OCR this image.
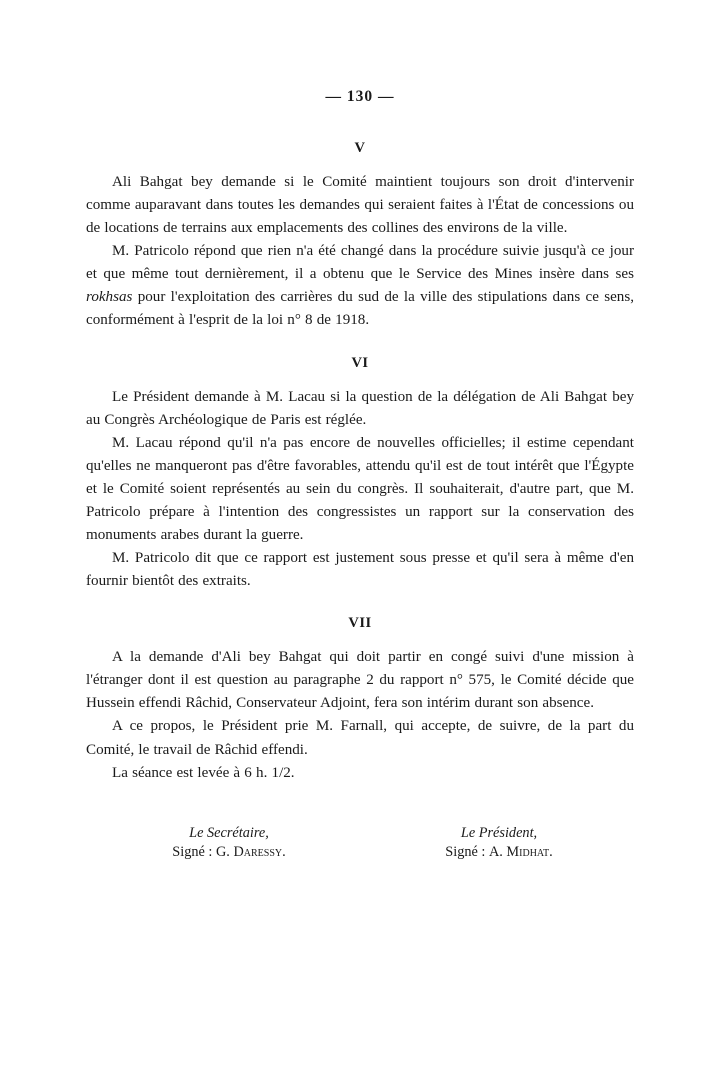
— 130 —
V

Ali Bahgat bey demande si le Comité maintient toujours son droit d'intervenir comme auparavant dans toutes les demandes qui seraient faites à l'État de concessions ou de locations de terrains aux emplacements des collines des environs de la ville.

M. Patricolo répond que rien n'a été changé dans la procédure suivie jusqu'à ce jour et que même tout dernièrement, il a obtenu que le Service des Mines insère dans ses rokhsas pour l'exploitation des carrières du sud de la ville des stipulations dans ce sens, conformément à l'esprit de la loi n° 8 de 1918.

VI

Le Président demande à M. Lacau si la question de la délégation de Ali Bahgat bey au Congrès Archéologique de Paris est réglée.

M. Lacau répond qu'il n'a pas encore de nouvelles officielles; il estime cependant qu'elles ne manqueront pas d'être favorables, attendu qu'il est de tout intérêt que l'Égypte et le Comité soient représentés au sein du congrès. Il souhaiterait, d'autre part, que M. Patricolo prépare à l'intention des congressistes un rapport sur la conservation des monuments arabes durant la guerre.

M. Patricolo dit que ce rapport est justement sous presse et qu'il sera à même d'en fournir bientôt des extraits.

VII

A la demande d'Ali bey Bahgat qui doit partir en congé suivi d'une mission à l'étranger dont il est question au paragraphe 2 du rapport n° 575, le Comité décide que Hussein effendi Râchid, Conservateur Adjoint, fera son intérim durant son absence.

A ce propos, le Président prie M. Farnall, qui accepte, de suivre, de la part du Comité, le travail de Râchid effendi.

La séance est levée à 6 h. 1/2.

Le Secrétaire,
Signé : G. Daressy.
Le Président,
Signé : A. Midhat.
